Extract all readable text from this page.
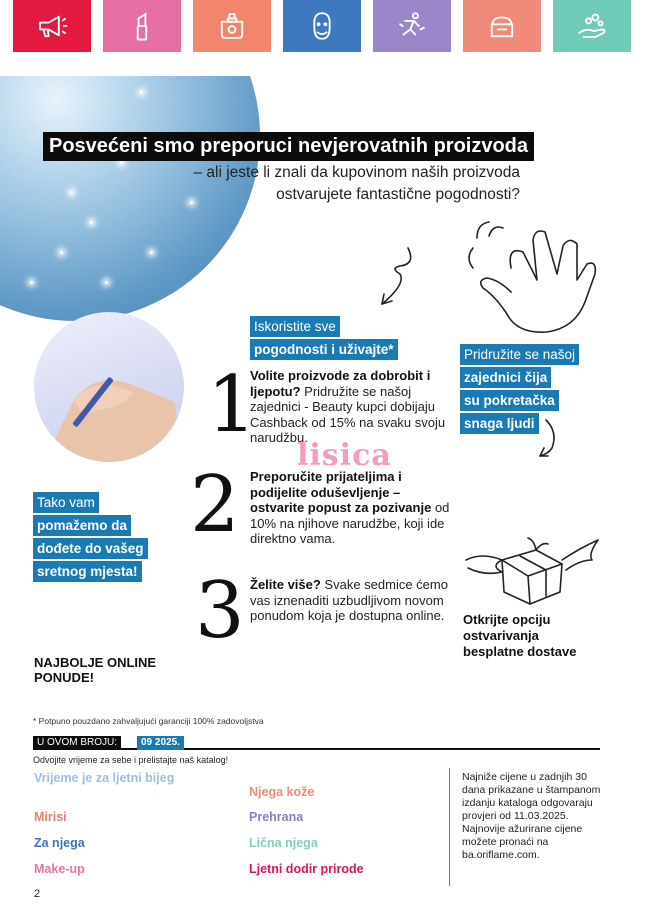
Posvećeni smo preporuci nevjerovatnih proizvoda
– ali jeste li znali da kupovinom naših proizvoda
ostvarujete fantastične pogodnosti?
Iskoristite sve
pogodnosti i uživajte*	Pridružite se našoj
zajednici čija
su pokretačka
snaga ljudi
Tako vam
pomažemo da
dođete do vašeg
sretnog mjesta!
1
Volite proizvode za dobrobit i ljepotu? Pridružite se našoj zajednici - Beauty kupci dobijaju Cashback od 15% na svaku svoju narudžbu.
lisica
2 Preporučite prijateljima i podijelite oduševljenje – ostvarite popust za pozivanje od 10% na njihove narudžbe, koji ide direktno vama.
3 Želite više? Svake sedmice ćemo vas iznenaditi uzbudljivom novom ponudom koja je dostupna online.	Otkrijte opciju
ostvarivanja
besplatne dostave
NAJBOLJE ONLINE
PONUDE!
* Potpuno pouzdano zahvaljujući garanciji 100% zadovoljstva
U OVOM BROJU:	09 2025.
Odvojite vrijeme za sebe i prelistajte naš katalog!
Vrijeme je za ljetni bijeg
Mirisi
Za njega
Make-up
Njega kože
Prehrana
Lična njega
Ljetni dodir prirode
Najniže cijene u zadnjih 30 dana prikazane u štampanom izdanju kataloga odgovaraju provjeri od 11.03.2025. Najnovije ažurirane cijene možete pronaći na ba.oriflame.com.
2
